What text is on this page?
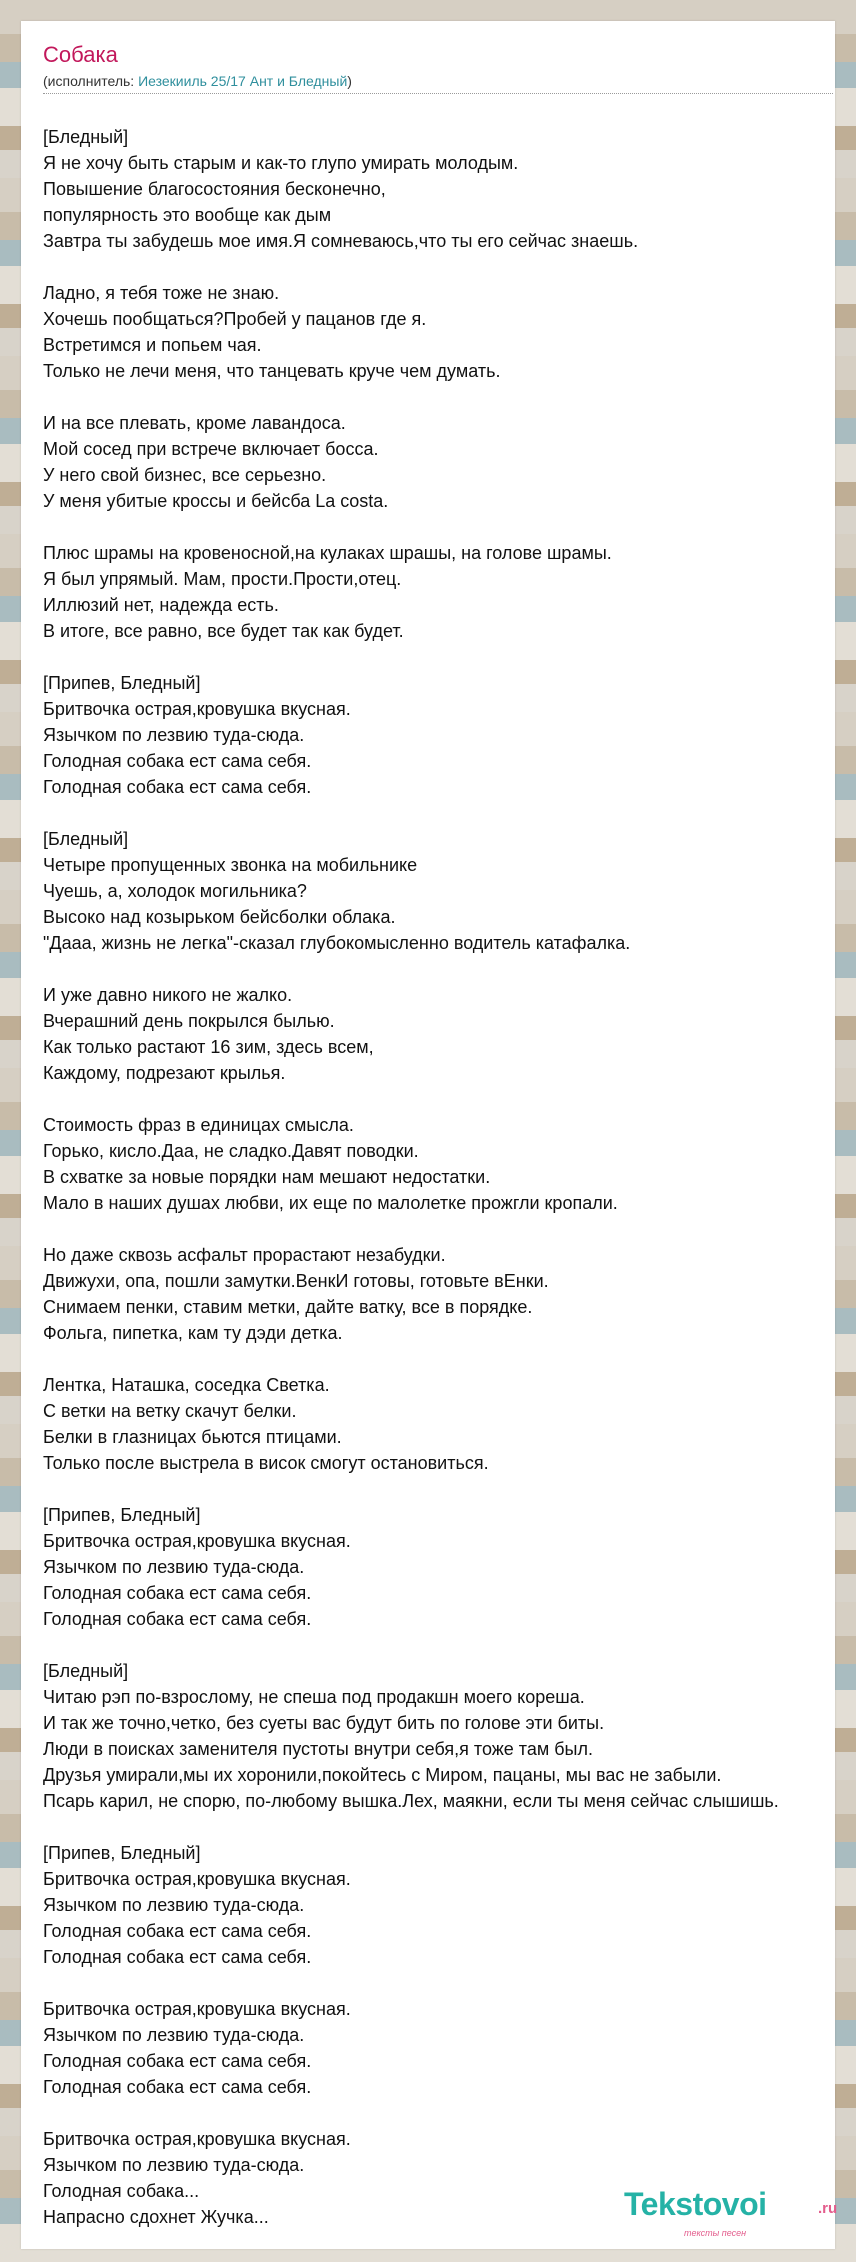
Собака
(исполнитель: Иезекииль 25/17 Ант и Бледный)
[Бледный]
Я не хочу быть старым и как-то глупо умирать молодым.
Повышение благосостояния бесконечно,
популярность это вообще как дым
Завтра ты забудешь мое имя.Я сомневаюсь,что ты его сейчас знаешь.
Ладно, я тебя тоже не знаю.
Хочешь пообщаться?Пробей у пацанов где я.
Встретимся и попьем чая.
Только не лечи меня, что танцевать круче чем думать.
И на все плевать, кроме лавандоса.
Мой сосед при встрече включает босса.
У него свой бизнес, все серьезно.
У меня убитые кроссы и бейсба La costa.
Плюс шрамы на кровеносной,на кулаках шрашы, на голове шрамы.
Я был упрямый. Мам, прости.Прости,отец.
Иллюзий нет, надежда есть.
В итоге, все равно, все будет так как будет.
[Припев, Бледный]
Бритвочка острая,кровушка вкусная.
Язычком по лезвию туда-сюда.
Голодная собака ест сама себя.
Голодная собака ест сама себя.
[Бледный]
Четыре пропущенных звонка на мобильнике
Чуешь, а, холодок могильника?
Высоко над козырьком бейсболки облака.
"Дааа, жизнь не легка"-сказал глубокомысленно водитель катафалка.
И уже давно никого не жалко.
Вчерашний день покрылся былью.
Как только растают 16 зим, здесь всем,
Каждому, подрезают крылья.
Стоимость фраз в единицах смысла.
Горько, кисло.Даа, не сладко.Давят поводки.
В схватке за новые порядки нам мешают недостатки.
Мало в наших душах любви, их еще по малолетке прожгли кропали.
Но даже сквозь асфальт прорастают незабудки.
Движухи, опа, пошли замутки.ВенкИ готовы, готовьте вЕнки.
Снимаем пенки, ставим метки, дайте ватку, все в порядке.
Фольга, пипетка, кам ту дэди детка.
Лентка, Наташка, соседка Светка.
С ветки на ветку скачут белки.
Белки в глазницах бьются птицами.
Только после выстрела в висок смогут остановиться.
[Припев, Бледный]
Бритвочка острая,кровушка вкусная.
Язычком по лезвию туда-сюда.
Голодная собака ест сама себя.
Голодная собака ест сама себя.
[Бледный]
Читаю рэп по-взрослому, не спеша под продакшн моего кореша.
И так же точно,четко, без суеты вас будут бить по голове эти биты.
Люди в поисках заменителя пустоты внутри себя,я тоже там был.
Друзья умирали,мы их хоронили,покойтесь с Миром, пацаны, мы вас не забыли.
Псарь карил, не спорю, по-любому вышка.Лех, маякни, если ты меня сейчас слышишь.
[Припев, Бледный]
Бритвочка острая,кровушка вкусная.
Язычком по лезвию туда-сюда.
Голодная собака ест сама себя.
Голодная собака ест сама себя.
Бритвочка острая,кровушка вкусная.
Язычком по лезвию туда-сюда.
Голодная собака ест сама себя.
Голодная собака ест сама себя.
Бритвочка острая,кровушка вкусная.
Язычком по лезвию туда-сюда.
Голодная собака...
Напрасно сдохнет Жучка...	Tekstovoi	.ru
тексты песен
